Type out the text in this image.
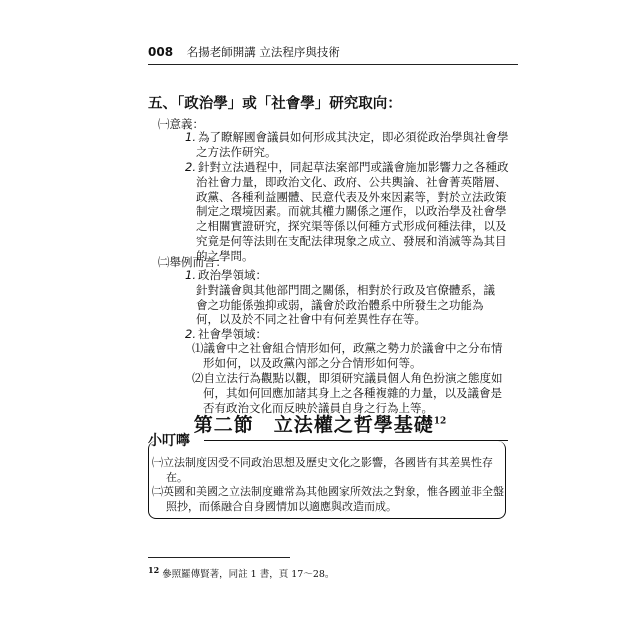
008 名揚老師開講 立法程序與技術
五、「政治學」或「社會學」研究取向：
㈠意義：
1. 為了瞭解國會議員如何形成其決定，即必須從政治學與社會學
之方法作研究。
2. 針對立法過程中，同起草法案部門或議會施加影響力之各種政
治社會力量，即政治文化、政府、公共輿論、社會菁英階層、
政黨、各種利益團體、民意代表及外來因素等，對於立法政策
制定之環境因素。而就其權力關係之運作，以政治學及社會學
之相關實證研究，探究渠等係以何種方式形成何種法律，以及
究竟是何等法則在支配法律現象之成立、發展和消滅等為其目
的之學問。
㈡舉例而言：
1. 政治學領域：
針對議會與其他部門間之關係，相對於行政及官僚體系，議
會之功能係強抑或弱，議會於政治體系中所發生之功能為
何，以及於不同之社會中有何差異性存在等。
2. 社會學領域：
⑴議會中之社會組合情形如何，政黨之勢力於議會中之分布情
形如何，以及政黨內部之分合情形如何等。
⑵自立法行為觀點以觀，即須研究議員個人角色扮演之態度如
何，其如何回應加諸其身上之各種複雜的力量，以及議會是
否有政治文化而反映於議員自身之行為上等。
第二節　立法權之哲學基礎$^{12}$
小叮嚀
㈠立法制度因受不同政治思想及歷史文化之影響，各國皆有其差異性存
在。
㈡英國和美國之立法制度雖常為其他國家所效法之對象，惟各國並非全盤
照抄，而係融合自身國情加以適應與改造而成。
$^{12}$ 參照羅傳賢著，同註 1 書，頁 17～28。
